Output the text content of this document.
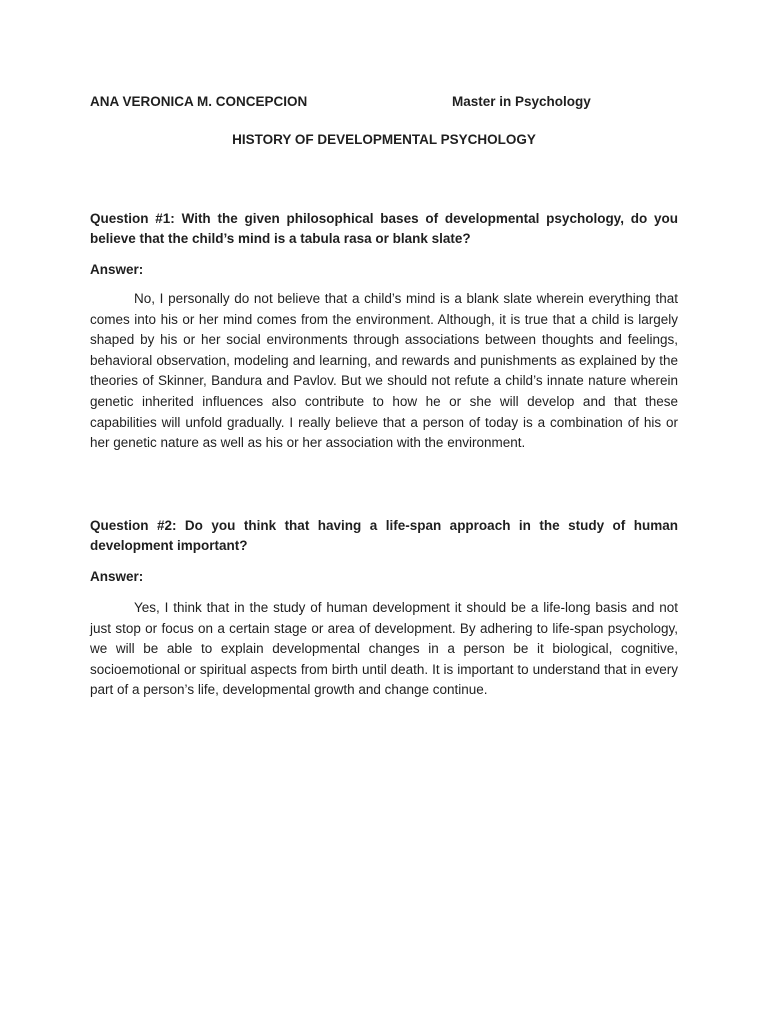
ANA VERONICA M. CONCEPCION	Master in Psychology
HISTORY OF DEVELOPMENTAL PSYCHOLOGY
Question #1: With the given philosophical bases of developmental psychology, do you believe that the child’s mind is a tabula rasa or blank slate?
Answer:
No, I personally do not believe that a child’s mind is a blank slate wherein everything that comes into his or her mind comes from the environment. Although, it is true that a child is largely shaped by his or her social environments through associations between thoughts and feelings, behavioral observation, modeling and learning, and rewards and punishments as explained by the theories of Skinner, Bandura and Pavlov. But we should not refute a child’s innate nature wherein genetic inherited influences also contribute to how he or she will develop and that these capabilities will unfold gradually. I really believe that a person of today is a combination of his or her genetic nature as well as his or her association with the environment.
Question #2: Do you think that having a life-span approach in the study of human development important?
Answer:
Yes, I think that in the study of human development it should be a life-long basis and not just stop or focus on a certain stage or area of development. By adhering to life-span psychology, we will be able to explain developmental changes in a person be it biological, cognitive, socioemotional or spiritual aspects from birth until death. It is important to understand that in every part of a person’s life, developmental growth and change continue.
